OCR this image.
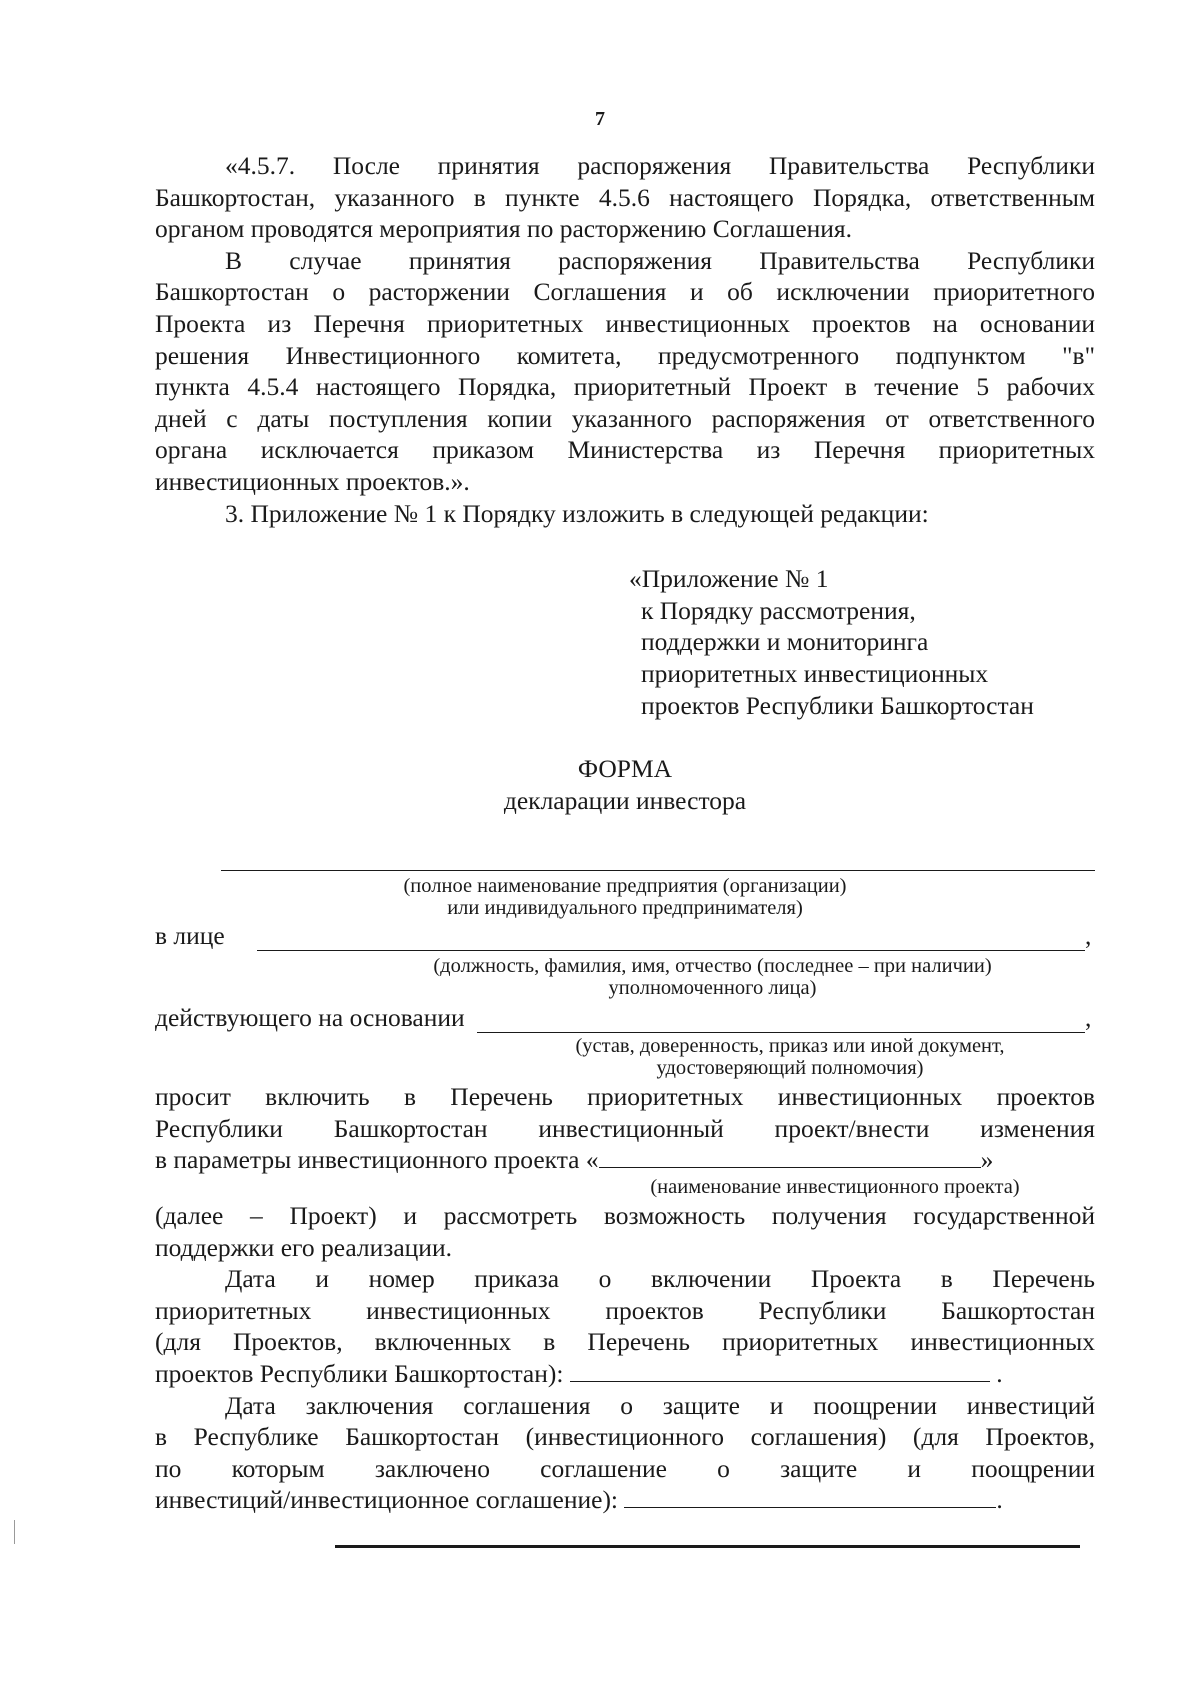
7

«4.5.7. После принятия распоряжения Правительства Республики

Башкортостан, указанного в пункте 4.5.6 настоящего Порядка, ответственным

органом проводятся мероприятия по расторжению Соглашения.

В случае принятия распоряжения Правительства Республики

Башкортостан о расторжении Соглашения и об исключении приоритетного

Проекта из Перечня приоритетных инвестиционных проектов на основании

решения Инвестиционного комитета, предусмотренного подпунктом "в"

пункта 4.5.4 настоящего Порядка, приоритетный Проект в течение 5 рабочих

дней с даты поступления копии указанного распоряжения от ответственного

органа исключается приказом Министерства из Перечня приоритетных

инвестиционных проектов.».

3. Приложение № 1 к Порядку изложить в следующей редакции:

«Приложение № 1
к Порядку рассмотрения,
поддержки и мониторинга
приоритетных инвестиционных
проектов Республики Башкортостан

ФОРМА

декларации инвестора

(полное наименование предприятия (организации)
или индивидуального предпринимателя)
в лице	,
(должность, фамилия, имя, отчество (последнее – при наличии)
уполномоченного лица)
действующего на основании	,
(устав, доверенность, приказ или иной документ,
удостоверяющий полномочия)

просит включить в Перечень приоритетных инвестиционных проектов

Республики Башкортостан инвестиционный проект/внести изменения

в параметры инвестиционного проекта «	»

(наименование инвестиционного проекта)

(далее – Проект) и рассмотреть возможность получения государственной

поддержки его реализации.

Дата и номер приказа о включении Проекта в Перечень

приоритетных инвестиционных проектов Республики Башкортостан

(для Проектов, включенных в Перечень приоритетных инвестиционных

проектов Республики Башкортостан):	.

Дата заключения соглашения о защите и поощрении инвестиций

в Республике Башкортостан (инвестиционного соглашения) (для Проектов,

по которым заключено соглашение о защите и поощрении

инвестиций/инвестиционное соглашение):	.
